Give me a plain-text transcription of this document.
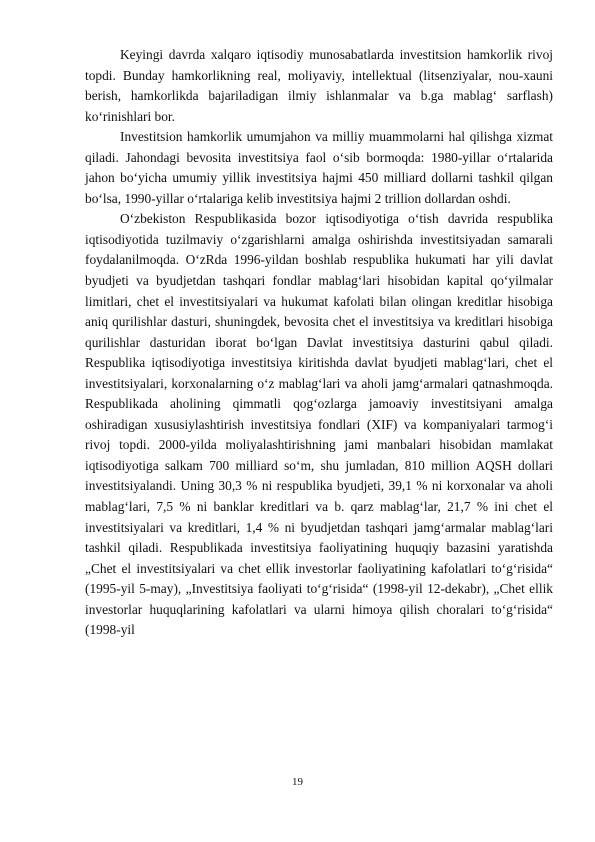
Keyingi davrda xalqaro iqtisodiy munosabatlarda investitsion hamkorlik rivoj topdi. Bunday hamkorlikning real, moliyaviy, intellektual (litsenziyalar, nou-xauni berish, hamkorlikda bajariladigan ilmiy ishlanmalar va b.ga mablag‘ sarflash) ko‘rinishlari bor.

Investitsion hamkorlik umumjahon va milliy muammolarni hal qilishga xizmat qiladi. Jahondagi bevosita investitsiya faol o‘sib bormoqda: 1980-yillar o‘rtalarida jahon bo‘yicha umumiy yillik investitsiya hajmi 450 milliard dollarni tashkil qilgan bo‘lsa, 1990-yillar o‘rtalariga kelib investitsiya hajmi 2 trillion dollardan oshdi.

O‘zbekiston Respublikasida bozor iqtisodiyotiga o‘tish davrida respublika iqtisodiyotida tuzilmaviy o‘zgarishlarni amalga oshirishda investitsiyadan samarali foydalanilmoqda. O‘zRda 1996-yildan boshlab respublika hukumati har yili davlat byudjeti va byudjetdan tashqari fondlar mablag‘lari hisobidan kapital qo‘yilmalar limitlari, chet el investitsiyalari va hukumat kafolati bilan olingan kreditlar hisobiga aniq qurilishlar dasturi, shuningdek, bevosita chet el investitsiya va kreditlari hisobiga qurilishlar dasturidan iborat bo‘lgan Davlat investitsiya dasturini qabul qiladi. Respublika iqtisodiyotiga investitsiya kiritishda davlat byudjeti mablag‘lari, chet el investitsiyalari, korxonalarning o‘z mablag‘lari va aholi jamg‘armalari qatnashmoqda. Respublikada aholining qimmatli qog‘ozlarga jamoaviy investitsiyani amalga oshiradigan xususiylashtirish investitsiya fondlari (XIF) va kompaniyalari tarmog‘i rivoj topdi. 2000-yilda moliyalashtirishning jami manbalari hisobidan mamlakat iqtisodiyotiga salkam 700 milliard so‘m, shu jumladan, 810 million AQSH dollari investitsiyalandi. Uning 30,3 % ni respublika byudjeti, 39,1 % ni korxonalar va aholi mablag‘lari, 7,5 % ni banklar kreditlari va b. qarz mablag‘lar, 21,7 % ini chet el investitsiyalari va kreditlari, 1,4 % ni byudjetdan tashqari jamg‘armalar mablag‘lari tashkil qiladi. Respublikada investitsiya faoliyatining huquqiy bazasini yaratishda „Chet el investitsiyalari va chet ellik investorlar faoliyatining kafolatlari to‘g‘risida“ (1995-yil 5-may), „Investitsiya faoliyati to‘g‘risida“ (1998-yil 12-dekabr), „Chet ellik investorlar huquqlarining kafolatlari va ularni himoya qilish choralari to‘g‘risida“ (1998-yil

19
